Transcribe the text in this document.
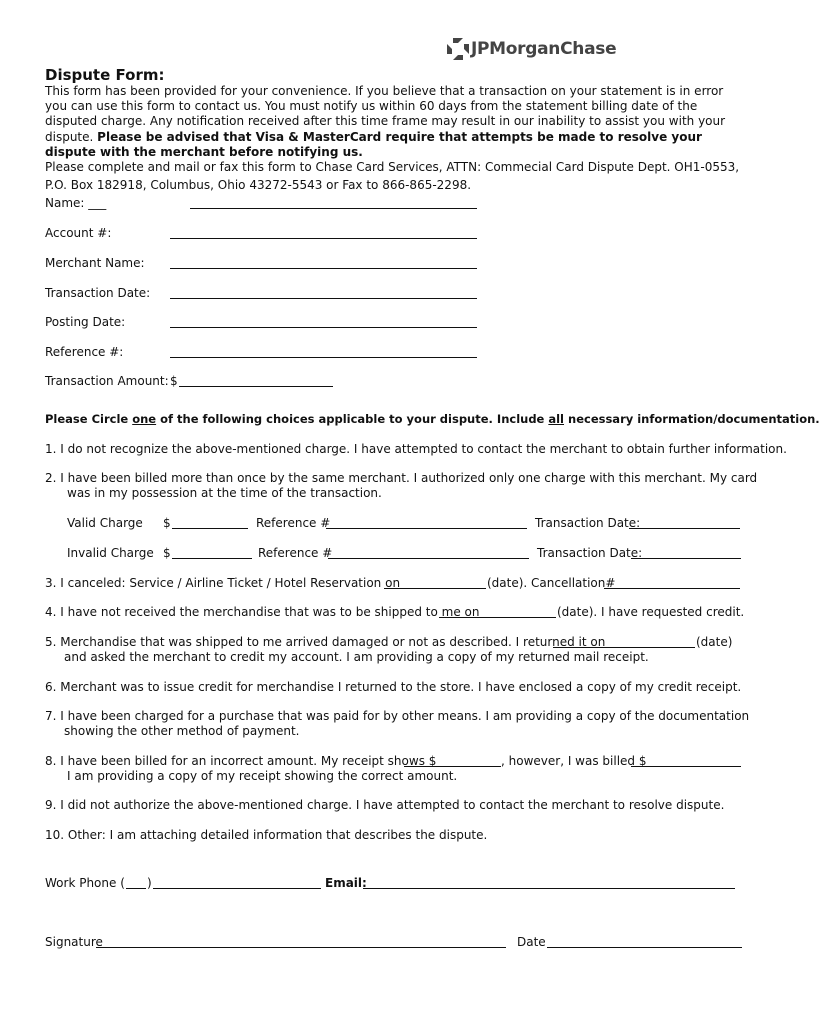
JPMorganChase
Dispute Form:
This form has been provided for your convenience. If you believe that a transaction on your statement is in error you can use this form to contact us. You must notify us within 60 days from the statement billing date of the disputed charge. Any notification received after this time frame may result in our inability to assist you with your dispute. Please be advised that Visa & MasterCard require that attempts be made to resolve your dispute with the merchant before notifying us.
Please complete and mail or fax this form to Chase Card Services, ATTN: Commecial Card Dispute Dept. OH1-0553,
P.O. Box 182918, Columbus, Ohio 43272-5543 or Fax to 866-865-2298.
Name: ___
Account #:
Merchant Name:
Transaction Date:
Posting Date:
Reference #:
Transaction Amount: $
Please Circle one of the following choices applicable to your dispute. Include all necessary information/documentation.
1. I do not recognize the above-mentioned charge. I have attempted to contact the merchant to obtain further information.
2. I have been billed more than once by the same merchant. I authorized only one charge with this merchant. My card
was in my possession at the time of the transaction.
Valid Charge $	Reference #	Transaction Date:
Invalid Charge $	Reference #	Transaction Date:
3. I canceled: Service / Airline Ticket / Hotel Reservation on	(date). Cancellation#
4. I have not received the merchandise that was to be shipped to me on	(date). I have requested credit.
5. Merchandise that was shipped to me arrived damaged or not as described. I returned it on	(date)
and asked the merchant to credit my account. I am providing a copy of my returned mail receipt.
6. Merchant was to issue credit for merchandise I returned to the store. I have enclosed a copy of my credit receipt.
7. I have been charged for a purchase that was paid for by other means. I am providing a copy of the documentation
showing the other method of payment.
8. I have been billed for an incorrect amount. My receipt shows $	, however, I was billed $
I am providing a copy of my receipt showing the correct amount.
9. I did not authorize the above-mentioned charge. I have attempted to contact the merchant to resolve dispute.
10. Other: I am attaching detailed information that describes the dispute.
Work Phone ( )	Email:
Signature	Date
